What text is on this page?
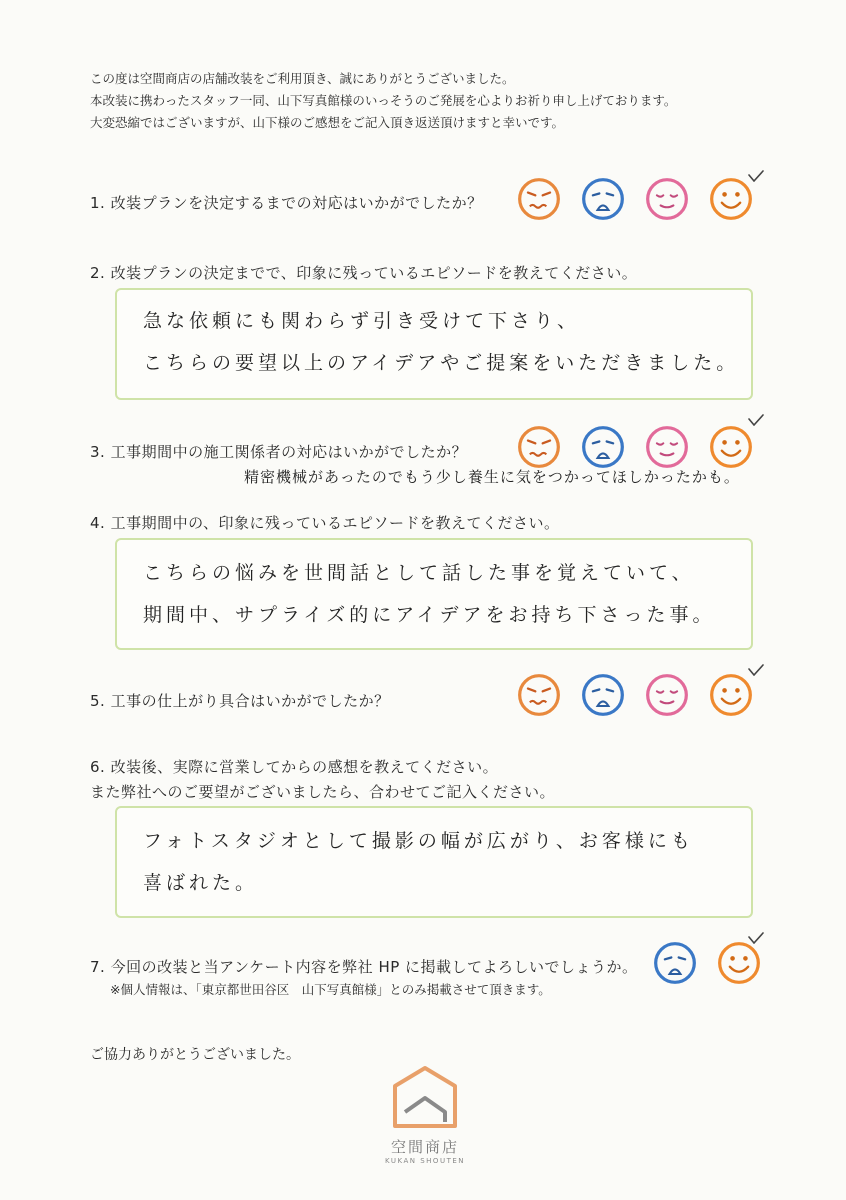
この度は空間商店の店舗改装をご利用頂き、誠にありがとうございました。
本改装に携わったスタッフ一同、山下写真館様のいっそうのご発展を心よりお祈り申し上げております。
大変恐縮ではございますが、山下様のご感想をご記入頂き返送頂けますと幸いです。
1. 改装プランを決定するまでの対応はいかがでしたか？
2. 改装プランの決定までで、印象に残っているエピソードを教えてください。
急な依頼にも関わらず引き受けて下さり、
こちらの要望以上のアイデアやご提案をいただきました。
3. 工事期間中の施工関係者の対応はいかがでしたか？
精密機械があったのでもう少し養生に気をつかってほしかったかも。
4. 工事期間中の、印象に残っているエピソードを教えてください。
こちらの悩みを世間話として話した事を覚えていて、
期間中、サプライズ的にアイデアをお持ち下さった事。
5. 工事の仕上がり具合はいかがでしたか？
6. 改装後、実際に営業してからの感想を教えてください。
また弊社へのご要望がございましたら、合わせてご記入ください。
フォトスタジオとして撮影の幅が広がり、お客様にも
喜ばれた。
7. 今回の改装と当アンケート内容を弊社 HP に掲載してよろしいでしょうか。
※個人情報は、「東京都世田谷区　山下写真館様」とのみ掲載させて頂きます。
ご協力ありがとうございました。
空間商店
KUKAN SHOUTEN
